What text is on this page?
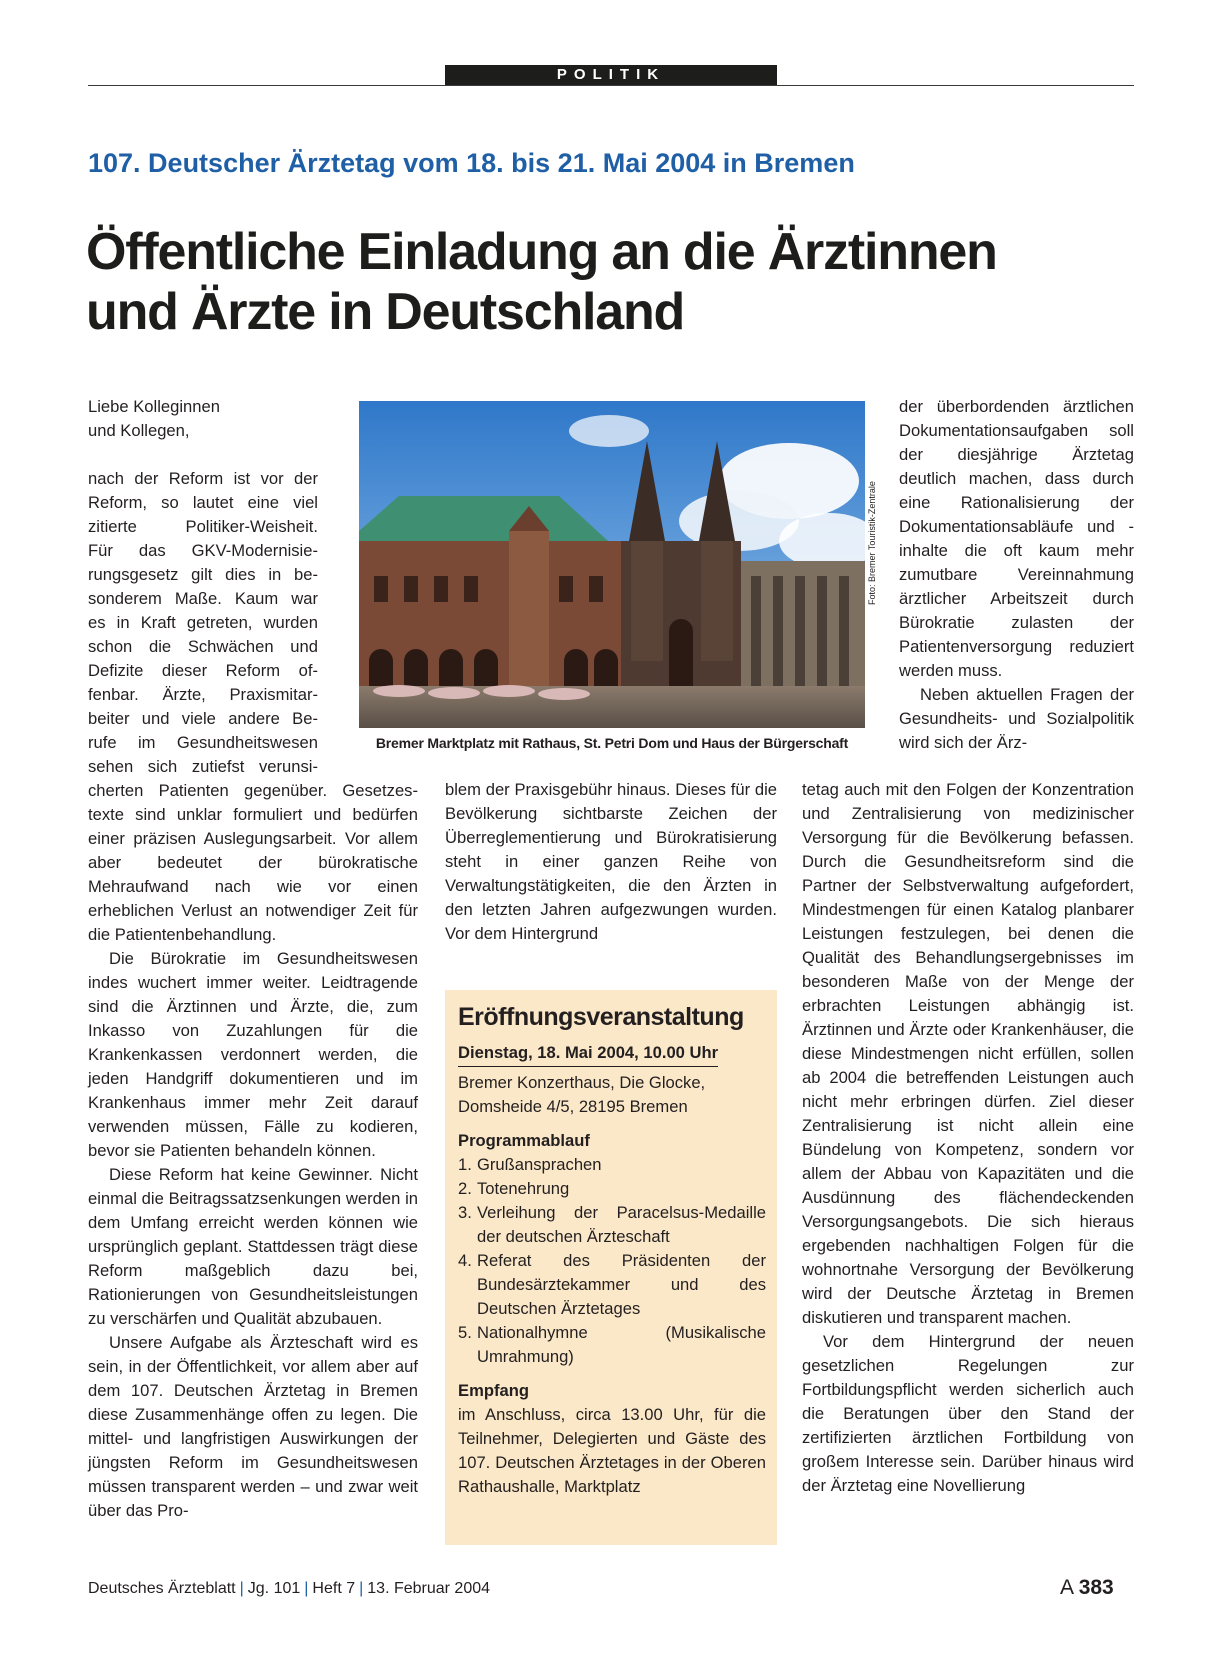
POLITIK
107. Deutscher Ärztetag vom 18. bis 21. Mai 2004 in Bremen
Öffentliche Einladung an die Ärztinnen
und Ärzte in Deutschland

Liebe Kolleginnen
und Kollegen,

nach der Reform ist vor der
Reform, so lautet eine viel
zitierte Politiker-Weisheit.
Für das GKV-Modernisie-
rungsgesetz gilt dies in be-
sonderem Maße. Kaum war
es in Kraft getreten, wurden
schon die Schwächen und
Defizite dieser Reform of-
fenbar. Ärzte, Praxismitar-
beiter und viele andere Be-
rufe im Gesundheitswesen
sehen sich zutiefst verunsi-
cherten Patienten gegenüber. Gesetzes-texte sind unklar formuliert und bedürfen einer präzisen Auslegungsarbeit. Vor allem aber bedeutet der bürokratische Mehraufwand nach wie vor einen erheblichen Verlust an notwendiger Zeit für die Patientenbehandlung.

Die Bürokratie im Gesundheitswesen indes wuchert immer weiter. Leidtragende sind die Ärztinnen und Ärzte, die, zum Inkasso von Zuzahlungen für die Krankenkassen verdonnert werden, die jeden Handgriff dokumentieren und im Krankenhaus immer mehr Zeit darauf verwenden müssen, Fälle zu kodieren, bevor sie Patienten behandeln können.

Diese Reform hat keine Gewinner. Nicht einmal die Beitragssatzsenkungen werden in dem Umfang erreicht werden können wie ursprünglich geplant. Stattdessen trägt diese Reform maßgeblich dazu bei, Rationierungen von Gesundheitsleistungen zu verschärfen und Qualität abzubauen.

Unsere Aufgabe als Ärzteschaft wird es sein, in der Öffentlichkeit, vor allem aber auf dem 107. Deutschen Ärztetag in Bremen diese Zusammenhänge offen zu legen. Die mittel- und langfristigen Auswirkungen der jüngsten Reform im Gesundheitswesen müssen transparent werden – und zwar weit über das Pro-

Foto: Bremer Touristik-Zentrale
Bremer Marktplatz mit Rathaus, St. Petri Dom und Haus der Bürgerschaft

der überbordenden ärztlichen Dokumentationsaufgaben soll der diesjährige Ärztetag deutlich machen, dass durch eine Rationalisierung der Dokumentationsabläufe und -inhalte die oft kaum mehr zumutbare Vereinnahmung ärztlicher Arbeitszeit durch Bürokratie zulasten der Patientenversorgung reduziert werden muss.

Neben aktuellen Fragen der Gesundheits- und Sozialpolitik wird sich der Ärz-

blem der Praxisgebühr hinaus. Dieses für die Bevölkerung sichtbarste Zeichen der Überreglementierung und Bürokratisierung steht in einer ganzen Reihe von Verwaltungstätigkeiten, die den Ärzten in den letzten Jahren aufgezwungen wurden. Vor dem Hintergrund

tetag auch mit den Folgen der Konzentration und Zentralisierung von medizinischer Versorgung für die Bevölkerung befassen. Durch die Gesundheitsreform sind die Partner der Selbstverwaltung aufgefordert, Mindestmengen für einen Katalog planbarer Leistungen festzulegen, bei denen die Qualität des Behandlungsergebnisses im besonderen Maße von der Menge der erbrachten Leistungen abhängig ist. Ärztinnen und Ärzte oder Krankenhäuser, die diese Mindestmengen nicht erfüllen, sollen ab 2004 die betreffenden Leistungen auch nicht mehr erbringen dürfen. Ziel dieser Zentralisierung ist nicht allein eine Bündelung von Kompetenz, sondern vor allem der Abbau von Kapazitäten und die Ausdünnung des flächendeckenden Versorgungsangebots. Die sich hieraus ergebenden nachhaltigen Folgen für die wohnortnahe Versorgung der Bevölkerung wird der Deutsche Ärztetag in Bremen diskutieren und transparent machen.

Vor dem Hintergrund der neuen gesetzlichen Regelungen zur Fortbildungspflicht werden sicherlich auch die Beratungen über den Stand der zertifizierten ärztlichen Fortbildung von großem Interesse sein. Darüber hinaus wird der Ärztetag eine Novellierung

Eröffnungsveranstaltung
Dienstag, 18. Mai 2004, 10.00 Uhr
Bremer Konzerthaus, Die Glocke, Domsheide 4/5, 28195 Bremen
Programmablauf
1. Grußansprachen
2. Totenehrung
3. Verleihung der Paracelsus-Medaille der deutschen Ärzteschaft
4. Referat des Präsidenten der Bundesärztekammer und des Deutschen Ärztetages
5. Nationalhymne (Musikalische Umrahmung)
Empfang
im Anschluss, circa 13.00 Uhr, für die Teilnehmer, Delegierten und Gäste des 107. Deutschen Ärztetages in der Oberen Rathaushalle, Marktplatz
Deutsches Ärzteblatt | Jg. 101 | Heft 7 | 13. Februar 2004	A 383
